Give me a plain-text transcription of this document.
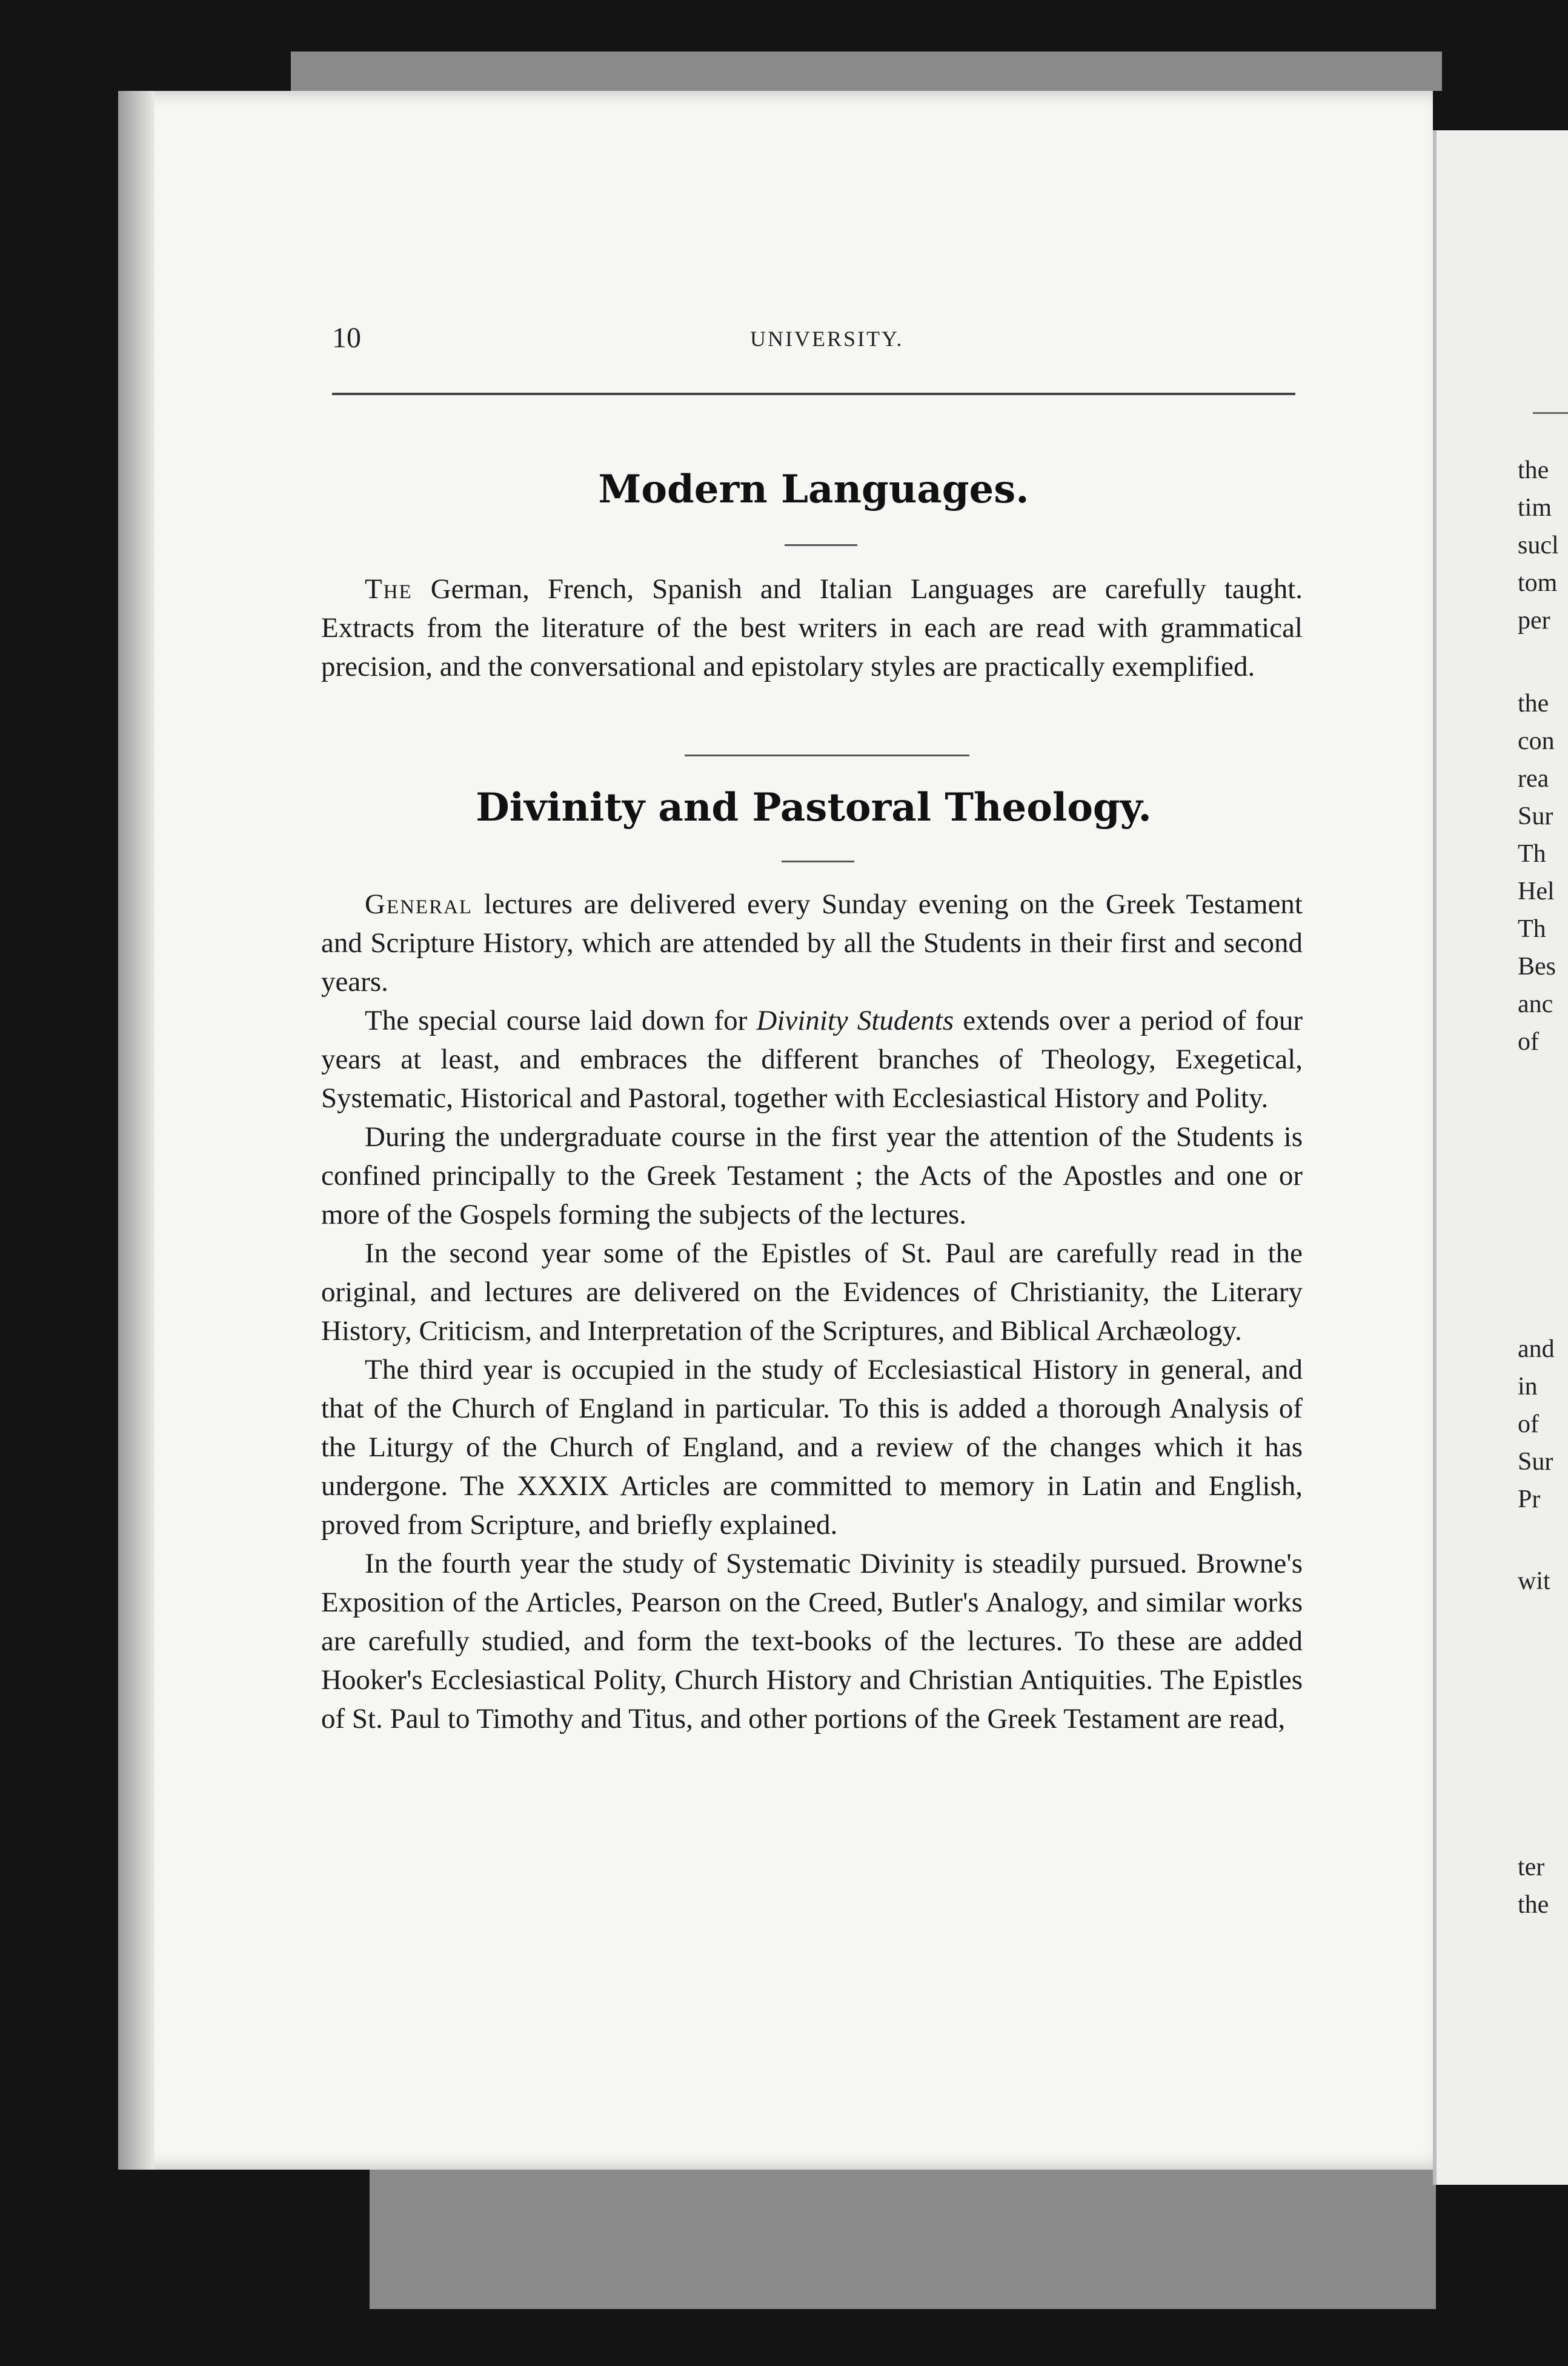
10	UNIVERSITY.
Modern Languages.

The German, French, Spanish and Italian Languages are carefully taught. Extracts from the literature of the best writers in each are read with grammatical precision, and the conversational and epistolary styles are practically exemplified.

Divinity and Pastoral Theology.

General lectures are delivered every Sunday evening on the Greek Testament and Scripture History, which are attended by all the Students in their first and second years.

The special course laid down for Divinity Students extends over a period of four years at least, and embraces the different branches of Theology, Exegetical, Systematic, Historical and Pastoral, together with Ecclesiastical History and Polity.

During the undergraduate course in the first year the attention of the Students is confined principally to the Greek Testament ; the Acts of the Apostles and one or more of the Gospels forming the subjects of the lectures.

In the second year some of the Epistles of St. Paul are carefully read in the original, and lectures are delivered on the Evidences of Christianity, the Literary History, Criticism, and Interpretation of the Scriptures, and Biblical Archæology.

The third year is occupied in the study of Ecclesiastical History in general, and that of the Church of England in particular. To this is added a thorough Analysis of the Liturgy of the Church of England, and a review of the changes which it has undergone. The XXXIX Articles are committed to memory in Latin and English, proved from Scripture, and briefly explained.

In the fourth year the study of Systematic Divinity is steadily pursued. Browne's Exposition of the Articles, Pearson on the Creed, Butler's Analogy, and similar works are carefully studied, and form the text-books of the lectures. To these are added Hooker's Ecclesiastical Polity, Church History and Christian Antiquities. The Epistles of St. Paul to Timothy and Titus, and other portions of the Greek Testament are read,

the
tim
sucl
tom
per
the
con
rea
Sur
Th
Hel
Th
Bes
anc
of
and
in
of
Sur
Pr
wit
ter
the
